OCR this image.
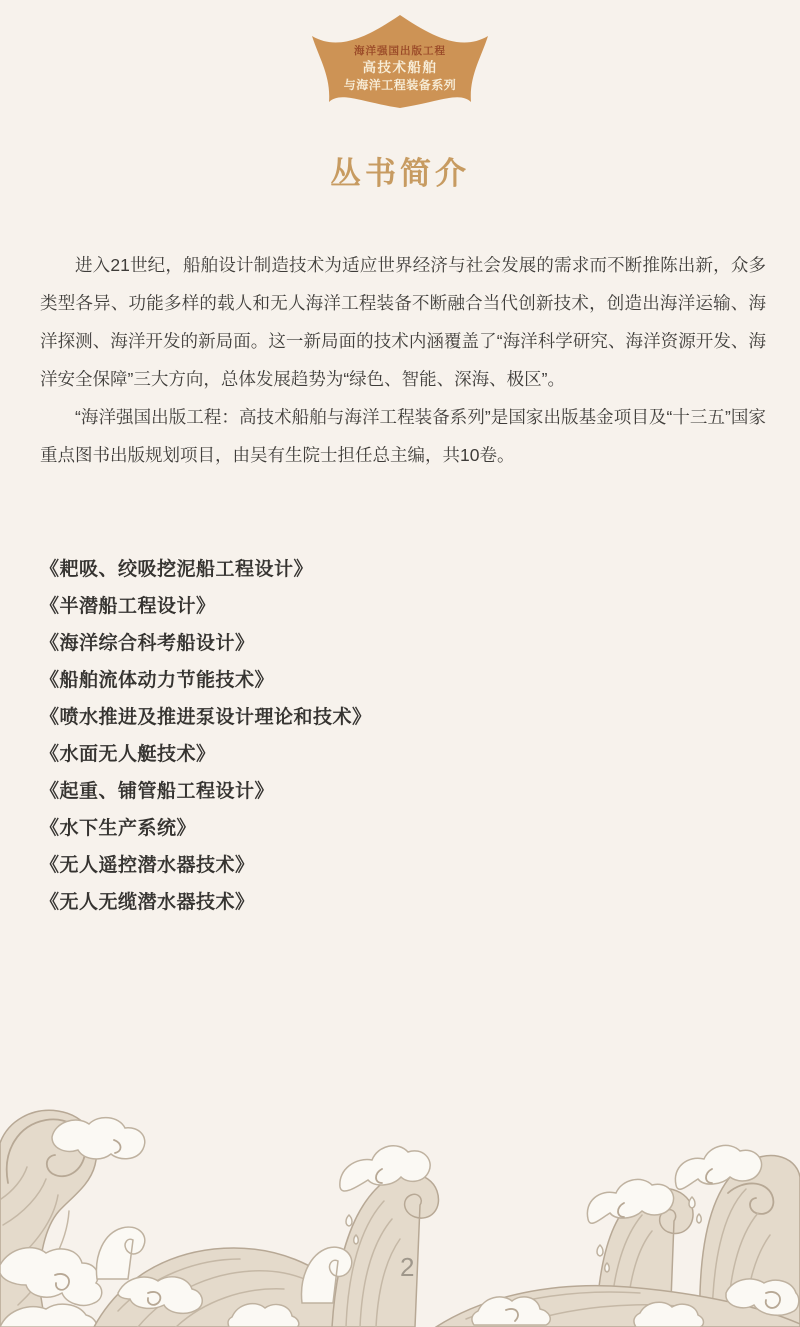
海洋强国出版工程
高技术船舶
与海洋工程装备系列
丛书简介

进入21世纪，船舶设计制造技术为适应世界经济与社会发展的需求而不断推陈出新，众多类型各异、功能多样的载人和无人海洋工程装备不断融合当代创新技术，创造出海洋运输、海洋探测、海洋开发的新局面。这一新局面的技术内涵覆盖了“海洋科学研究、海洋资源开发、海洋安全保障”三大方向，总体发展趋势为“绿色、智能、深海、极区”。

“海洋强国出版工程：高技术船舶与海洋工程装备系列”是国家出版基金项目及“十三五”国家重点图书出版规划项目，由吴有生院士担任总主编，共10卷。

《耙吸、绞吸挖泥船工程设计》
《半潜船工程设计》
《海洋综合科考船设计》
《船舶流体动力节能技术》
《喷水推进及推进泵设计理论和技术》
《水面无人艇技术》
《起重、铺管船工程设计》
《水下生产系统》
《无人遥控潜水器技术》
《无人无缆潜水器技术》
2
